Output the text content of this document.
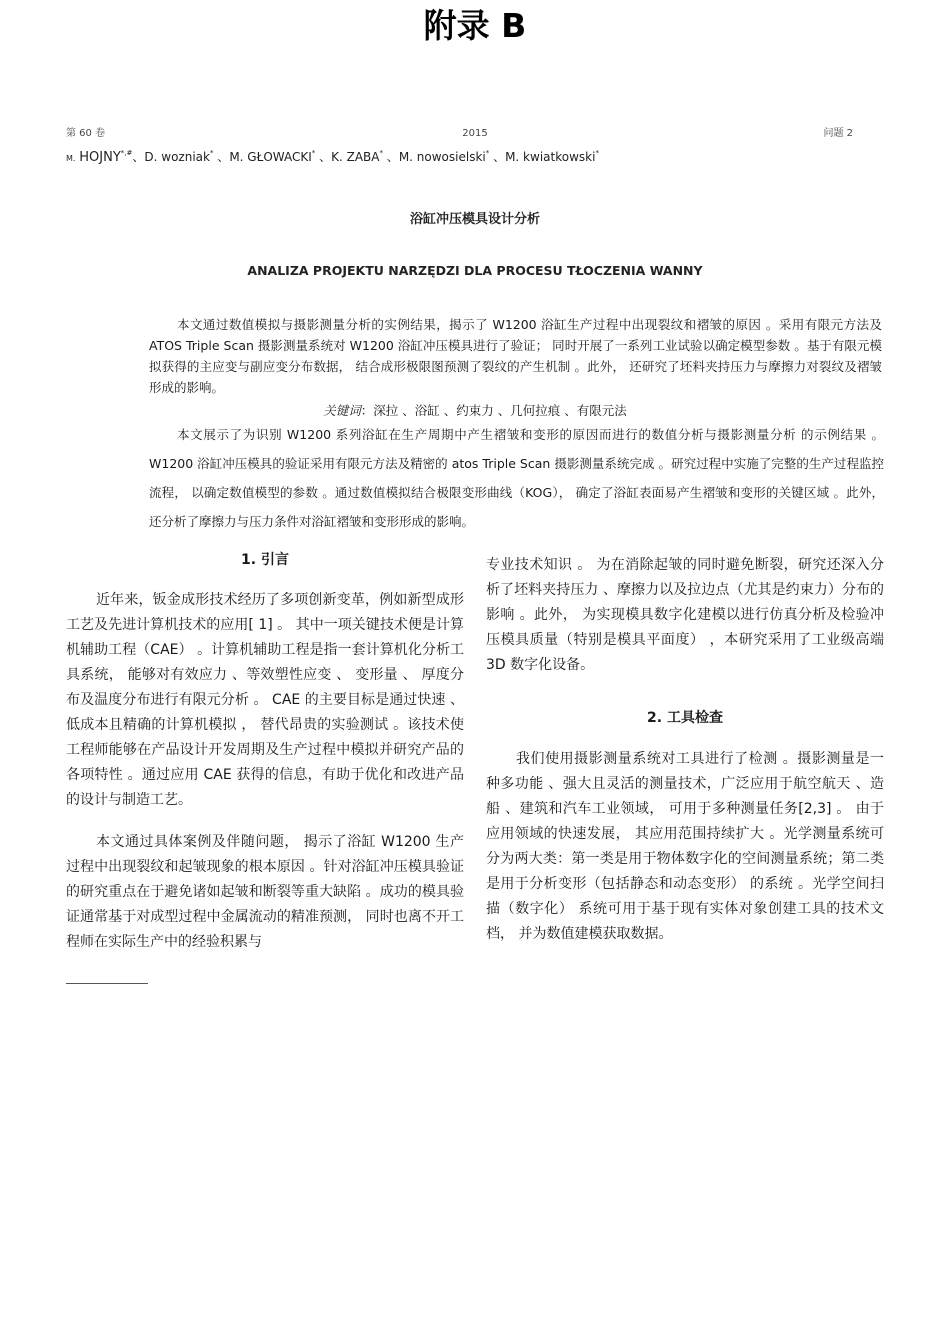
附录 B
第 60 卷	2015	问题 2
M. HOJNY*,#、D. wozniak* 、M. GŁOWACKI* 、K. ZABA* 、M. nowosielski* 、M. kwiatkowski*
浴缸冲压模具设计分析
ANALIZA PROJEKTU NARZĘDZI DLA PROCESU TŁOCZENIA WANNY

本文通过数值模拟与摄影测量分析的实例结果，揭示了 W1200 浴缸生产过程中出现裂纹和褶皱的原因 。采用有限元方法及 ATOS Triple Scan 摄影测量系统对 W1200 浴缸冲压模具进行了验证； 同时开展了一系列工业试验以确定模型参数 。基于有限元模拟获得的主应变与副应变分布数据， 结合成形极限图预测了裂纹的产生机制 。此外， 还研究了坯料夹持压力与摩擦力对裂纹及褶皱形成的影响。

关键词：深拉 、浴缸 、约束力 、几何拉痕 、有限元法

本文展示了为识别 W1200 系列浴缸在生产周期中产生褶皱和变形的原因而进行的数值分析与摄影测量分析 的示例结果 。W1200 浴缸冲压模具的验证采用有限元方法及精密的 atos Triple Scan 摄影测量系统完成 。研究过程中实施了完整的生产过程监控流程， 以确定数值模型的参数 。通过数值模拟结合极限变形曲线（KOG）， 确定了浴缸表面易产生褶皱和变形的关键区域 。此外，还分析了摩擦力与压力条件对浴缸褶皱和变形形成的影响。

1. 引言

近年来，钣金成形技术经历了多项创新变革，例如新型成形工艺及先进计算机技术的应用[ 1] 。 其中一项关键技术便是计算机辅助工程（CAE） 。计算机辅助工程是指一套计算机化分析工具系统， 能够对有效应力 、等效塑性应变 、 变形量 、 厚度分布及温度分布进行有限元分析 。 CAE 的主要目标是通过快速 、 低成本且精确的计算机模拟 ， 替代昂贵的实验测试 。该技术使工程师能够在产品设计开发周期及生产过程中模拟并研究产品的各项特性 。通过应用 CAE 获得的信息，有助于优化和改进产品的设计与制造工艺。

本文通过具体案例及伴随问题， 揭示了浴缸 W1200 生产过程中出现裂纹和起皱现象的根本原因 。针对浴缸冲压模具验证的研究重点在于避免诸如起皱和断裂等重大缺陷 。成功的模具验证通常基于对成型过程中金属流动的精准预测， 同时也离不开工程师在实际生产中的经验积累与

专业技术知识 。 为在消除起皱的同时避免断裂，研究还深入分析了坯料夹持压力 、摩擦力以及拉边点（尤其是约束力）分布的影响 。此外， 为实现模具数字化建模以进行仿真分析及检验冲压模具质量（特别是模具平面度） ，本研究采用了工业级高端 3D 数字化设备。

2. 工具检查

我们使用摄影测量系统对工具进行了检测 。摄影测量是一种多功能 、强大且灵活的测量技术，广泛应用于航空航天 、造船 、建筑和汽车工业领域， 可用于多种测量任务[2,3] 。 由于应用领域的快速发展， 其应用范围持续扩大 。光学测量系统可分为两大类：第一类是用于物体数字化的空间测量系统；第二类是用于分析变形（包括静态和动态变形） 的系统 。光学空间扫描（数字化） 系统可用于基于现有实体对象创建工具的技术文档， 并为数值建模获取数据。
